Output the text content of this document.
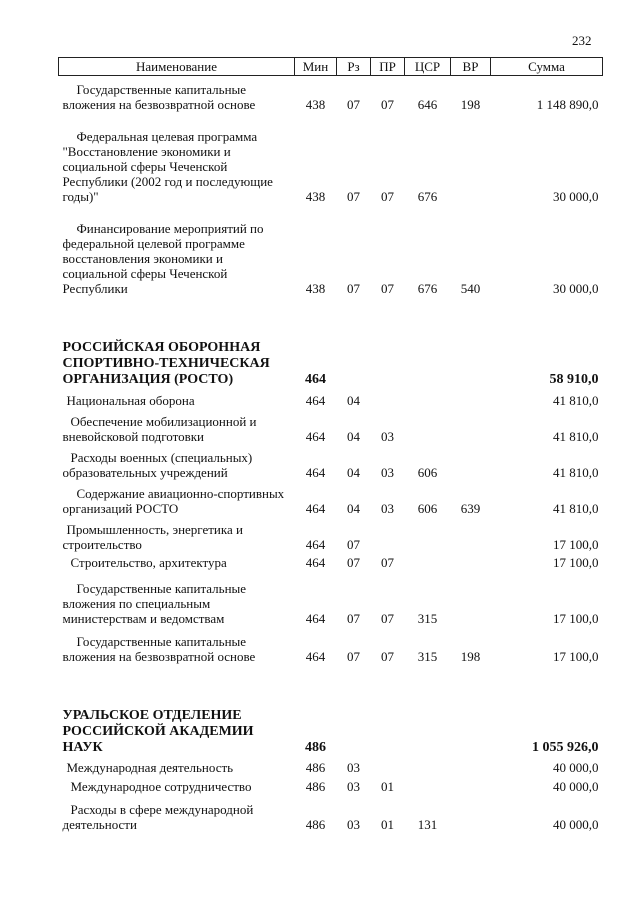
232
Наименование	Мин	Рз	ПР	ЦСР	ВР	Сумма
Государственные капитальные вложения на безвозвратной основе	438	07	07	646	198	1 148 890,0
Федеральная целевая программа "Восстановление экономики и социальной сферы Чеченской Республики (2002 год и последующие годы)"	438	07	07	676		30 000,0
Финансирование мероприятий по федеральной целевой программе восстановления экономики и социальной сферы Чеченской Республики	438	07	07	676	540	30 000,0
РОССИЙСКАЯ ОБОРОННАЯ СПОРТИВНО-ТЕХНИЧЕСКАЯ ОРГАНИЗАЦИЯ (РОСТО)	464					58 910,0
Национальная оборона	464	04				41 810,0
Обеспечение мобилизационной и вневойсковой подготовки	464	04	03			41 810,0
Расходы военных (специальных) образовательных учреждений	464	04	03	606		41 810,0
Содержание авиационно-спортивных организаций РОСТО	464	04	03	606	639	41 810,0
Промышленность, энергетика и строительство	464	07				17 100,0
Строительство, архитектура	464	07	07			17 100,0
Государственные капитальные вложения по специальным министерствам и ведомствам	464	07	07	315		17 100,0
Государственные капитальные вложения на безвозвратной основе	464	07	07	315	198	17 100,0
УРАЛЬСКОЕ ОТДЕЛЕНИЕ РОССИЙСКОЙ АКАДЕМИИ НАУК	486					1 055 926,0
Международная деятельность	486	03				40 000,0
Международное сотрудничество	486	03	01			40 000,0
Расходы в сфере международной деятельности	486	03	01	131		40 000,0
